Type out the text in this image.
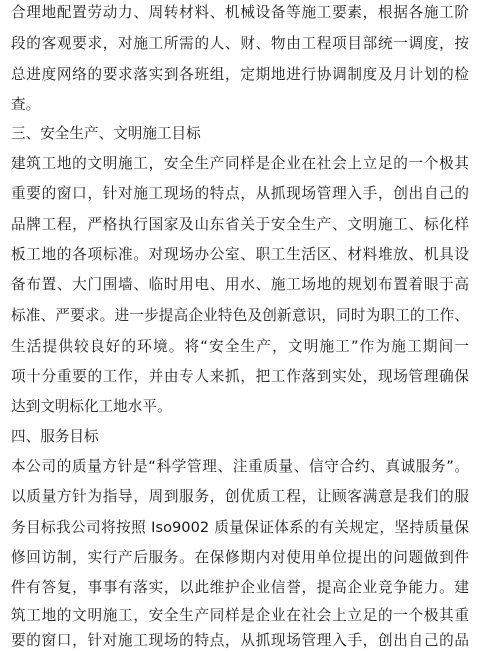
合理地配置劳动力、周转材料、机械设备等施工要素，根据各施工阶
段的客观要求，对施工所需的人、财、物由工程项目部统一调度，按
总进度网络的要求落实到各班组，定期地进行协调制度及月计划的检
查。
三、安全生产、文明施工目标
建筑工地的文明施工，安全生产同样是企业在社会上立足的一个极其
重要的窗口，针对施工现场的特点，从抓现场管理入手，创出自己的
品牌工程，严格执行国家及山东省关于安全生产、文明施工、标化样
板工地的各项标准。对现场办公室、职工生活区、材料堆放、机具设
备布置、大门围墙、临时用电、用水、施工场地的规划布置着眼于高
标准、严要求。进一步提高企业特色及创新意识，同时为职工的工作、
生活提供较良好的环境。将“安全生产，文明施工”作为施工期间一
项十分重要的工作，并由专人来抓，把工作落到实处，现场管理确保
达到文明标化工地水平。
四、服务目标
本公司的质量方针是“科学管理、注重质量、信守合约、真诚服务”。
以质量方针为指导，周到服务，创优质工程，让顾客满意是我们的服
务目标我公司将按照 Iso9002 质量保证体系的有关规定，坚持质量保
修回访制，实行产后服务。在保修期内对使用单位提出的问题做到件
件有答复，事事有落实，以此维护企业信誉，提高企业竞争能力。建
筑工地的文明施工，安全生产同样是企业在社会上立足的一个极其重
要的窗口，针对施工现场的特点，从抓现场管理入手，创出自己的品
